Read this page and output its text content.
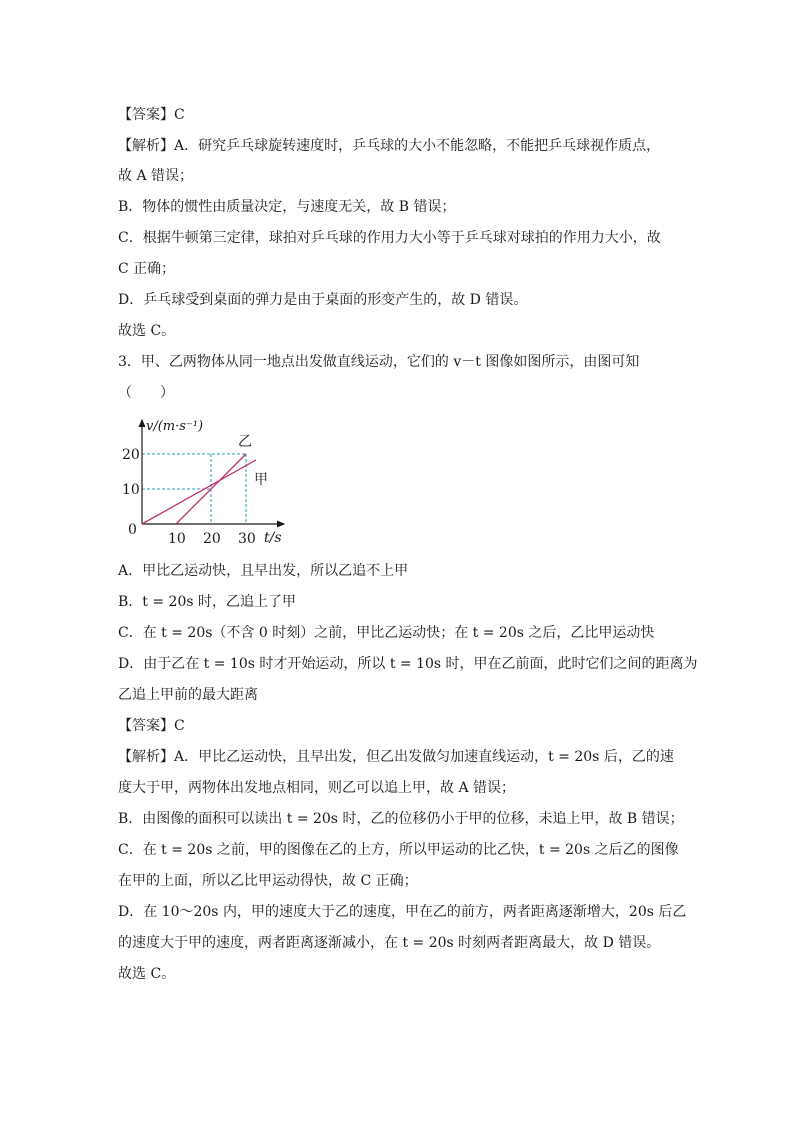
【答案】C
【解析】A．研究乒乓球旋转速度时，乒乓球的大小不能忽略，不能把乒乓球视作质点，
故 A 错误；
B．物体的惯性由质量决定，与速度无关，故 B 错误；
C．根据牛顿第三定律，球拍对乒乓球的作用力大小等于乒乓球对球拍的作用力大小，故
C 正确；
D．乒乓球受到桌面的弹力是由于桌面的形变产生的，故 D 错误。
故选 C。
3．甲、乙两物体从同一地点出发做直线运动，它们的 v－t 图像如图所示，由图可知
（　　）
v/(m·s⁻¹)
20
10
0
10 20 30 t/s
乙
甲
A．甲比乙运动快，且早出发，所以乙追不上甲
B．t = 20s 时，乙追上了甲
C．在 t = 20s（不含 0 时刻）之前，甲比乙运动快；在 t = 20s 之后，乙比甲运动快
D．由于乙在 t = 10s 时才开始运动，所以 t = 10s 时，甲在乙前面，此时它们之间的距离为
乙追上甲前的最大距离
【答案】C
【解析】A．甲比乙运动快，且早出发，但乙出发做匀加速直线运动，t = 20s 后，乙的速
度大于甲，两物体出发地点相同，则乙可以追上甲，故 A 错误；
B．由图像的面积可以读出 t = 20s 时，乙的位移仍小于甲的位移，未追上甲，故 B 错误；
C．在 t = 20s 之前，甲的图像在乙的上方，所以甲运动的比乙快，t = 20s 之后乙的图像
在甲的上面，所以乙比甲运动得快，故 C 正确；
D．在 10～20s 内，甲的速度大于乙的速度，甲在乙的前方，两者距离逐渐增大，20s 后乙
的速度大于甲的速度，两者距离逐渐减小，在 t = 20s 时刻两者距离最大，故 D 错误。
故选 C。
